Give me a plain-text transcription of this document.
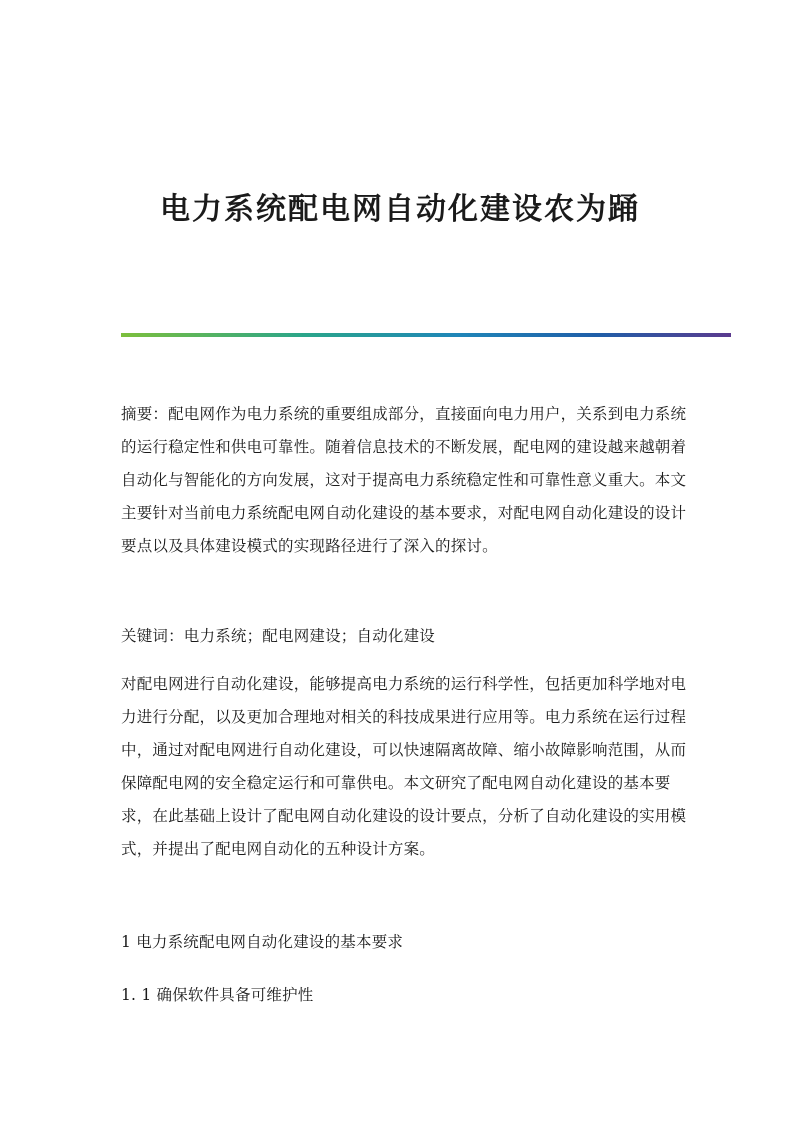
电力系统配电网自动化建设农为踊

摘要：配电网作为电力系统的重要组成部分，直接面向电力用户，关系到电力系统的运行稳定性和供电可靠性。随着信息技术的不断发展，配电网的建设越来越朝着自动化与智能化的方向发展，这对于提高电力系统稳定性和可靠性意义重大。本文主要针对当前电力系统配电网自动化建设的基本要求，对配电网自动化建设的设计要点以及具体建设模式的实现路径进行了深入的探讨。

关键词：电力系统；配电网建设；自动化建设

对配电网进行自动化建设，能够提高电力系统的运行科学性，包括更加科学地对电力进行分配，以及更加合理地对相关的科技成果进行应用等。电力系统在运行过程中，通过对配电网进行自动化建设，可以快速隔离故障、缩小故障影响范围，从而保障配电网的安全稳定运行和可靠供电。本文研究了配电网自动化建设的基本要求，在此基础上设计了配电网自动化建设的设计要点，分析了自动化建设的实用模式，并提出了配电网自动化的五种设计方案。

1 电力系统配电网自动化建设的基本要求

1. 1 确保软件具备可维护性
